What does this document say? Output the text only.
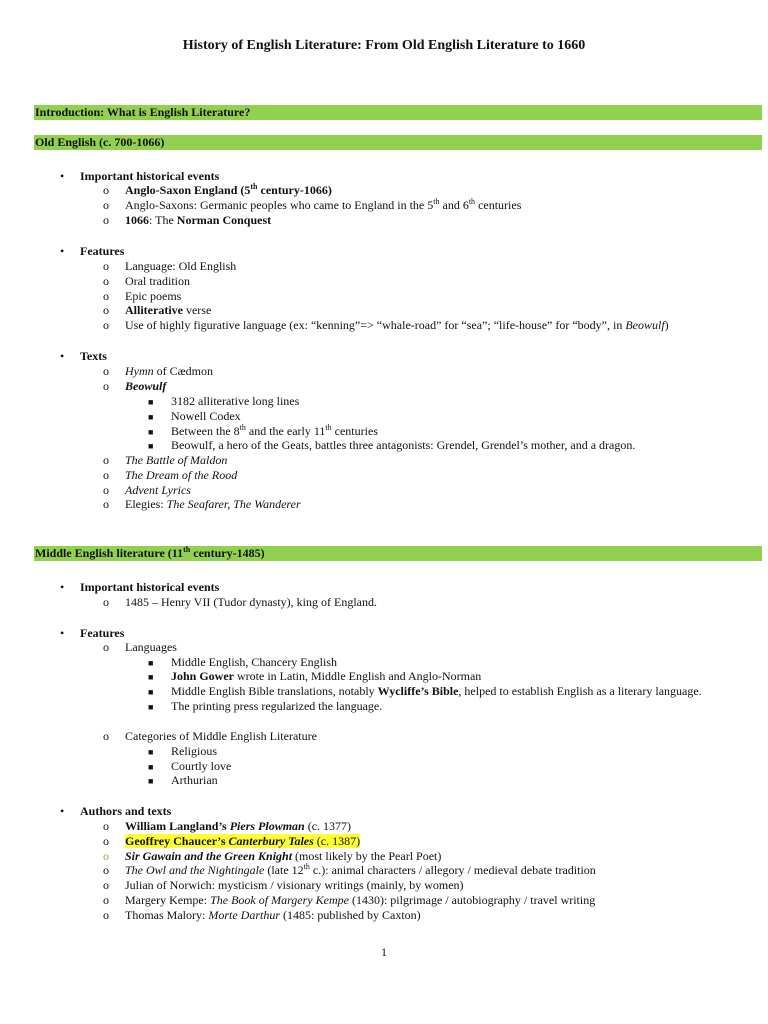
History of English Literature: From Old English Literature to 1660
Introduction: What is English Literature?
Old English (c. 700-1066)
• Important historical events
o Anglo-Saxon England (5th century-1066)
o Anglo-Saxons: Germanic peoples who came to England in the 5th and 6th centuries
o 1066: The Norman Conquest
• Features
o Language: Old English
o Oral tradition
o Epic poems
o Alliterative verse
o Use of highly figurative language (ex: “kenning”=> “whale-road” for “sea”; “life-house” for “body”, in Beowulf)
• Texts
o Hymn of Cædmon
o Beowulf
■ 3182 alliterative long lines
■ Nowell Codex
■ Between the 8th and the early 11th centuries
■ Beowulf, a hero of the Geats, battles three antagonists: Grendel, Grendel’s mother, and a dragon.
o The Battle of Maldon
o The Dream of the Rood
o Advent Lyrics
o Elegies: The Seafarer, The Wanderer
Middle English literature (11th century-1485)
• Important historical events
o 1485 – Henry VII (Tudor dynasty), king of England.
• Features
o Languages
■ Middle English, Chancery English
■ John Gower wrote in Latin, Middle English and Anglo-Norman
■ Middle English Bible translations, notably Wycliffe’s Bible, helped to establish English as a literary language.
■ The printing press regularized the language.
o Categories of Middle English Literature
■ Religious
■ Courtly love
■ Arthurian
• Authors and texts
o William Langland’s Piers Plowman (c. 1377)
o Geoffrey Chaucer’s Canterbury Tales (c. 1387)
o Sir Gawain and the Green Knight (most likely by the Pearl Poet)
o The Owl and the Nightingale (late 12th c.): animal characters / allegory / medieval debate tradition
o Julian of Norwich: mysticism / visionary writings (mainly, by women)
o Margery Kempe: The Book of Margery Kempe (1430): pilgrimage / autobiography / travel writing
o Thomas Malory: Morte Darthur (1485: published by Caxton)
1
